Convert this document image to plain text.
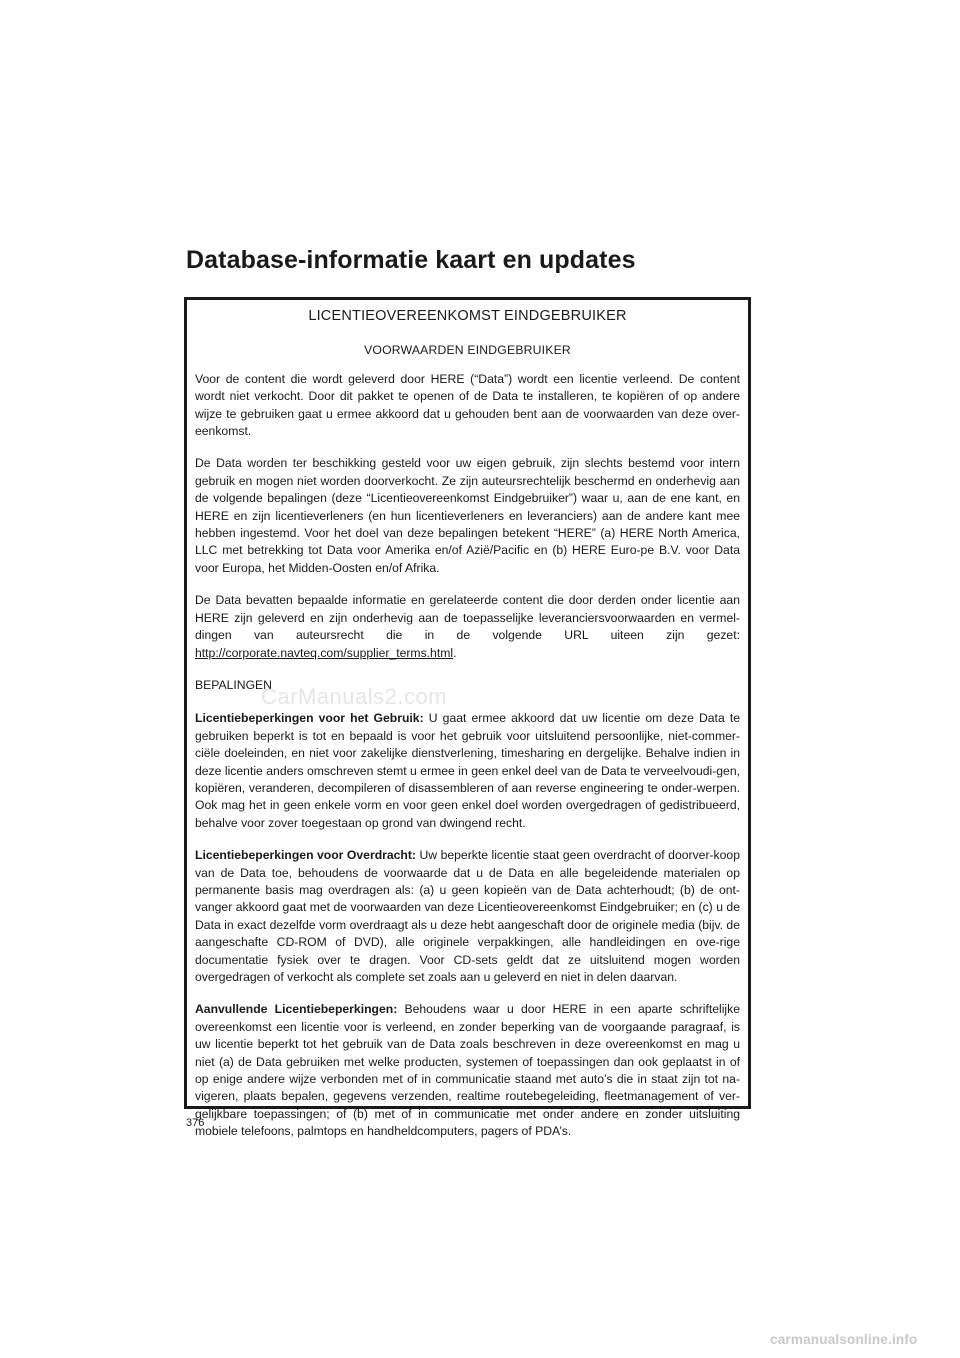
Database-informatie kaart en updates
LICENTIEOVEREENKOMST EINDGEBRUIKER
VOORWAARDEN EINDGEBRUIKER

Voor de content die wordt geleverd door HERE (“Data”) wordt een licentie verleend. De content wordt niet verkocht. Door dit pakket te openen of de Data te installeren, te kopiëren of op andere wijze te gebruiken gaat u ermee akkoord dat u gehouden bent aan de voorwaarden van deze over-eenkomst.

De Data worden ter beschikking gesteld voor uw eigen gebruik, zijn slechts bestemd voor intern gebruik en mogen niet worden doorverkocht. Ze zijn auteursrechtelijk beschermd en onderhevig aan de volgende bepalingen (deze “Licentieovereenkomst Eindgebruiker”) waar u, aan de ene kant, en HERE en zijn licentieverleners (en hun licentieverleners en leveranciers) aan de andere kant mee hebben ingestemd. Voor het doel van deze bepalingen betekent “HERE” (a) HERE North America, LLC met betrekking tot Data voor Amerika en/of Azië/Pacific en (b) HERE Euro-pe B.V. voor Data voor Europa, het Midden-Oosten en/of Afrika.

De Data bevatten bepaalde informatie en gerelateerde content die door derden onder licentie aan HERE zijn geleverd en zijn onderhevig aan de toepasselijke leveranciersvoorwaarden en vermel-dingen van auteursrecht die in de volgende URL uiteen zijn gezet: http://corporate.navteq.com/supplier_terms.html.

BEPALINGEN

Licentiebeperkingen voor het Gebruik: U gaat ermee akkoord dat uw licentie om deze Data te gebruiken beperkt is tot en bepaald is voor het gebruik voor uitsluitend persoonlijke, niet-commer-ciële doeleinden, en niet voor zakelijke dienstverlening, timesharing en dergelijke. Behalve indien in deze licentie anders omschreven stemt u ermee in geen enkel deel van de Data te verveelvoudi-gen, kopiëren, veranderen, decompileren of disassembleren of aan reverse engineering te onder-werpen. Ook mag het in geen enkele vorm en voor geen enkel doel worden overgedragen of gedistribueerd, behalve voor zover toegestaan op grond van dwingend recht.

Licentiebeperkingen voor Overdracht: Uw beperkte licentie staat geen overdracht of doorver-koop van de Data toe, behoudens de voorwaarde dat u de Data en alle begeleidende materialen op permanente basis mag overdragen als: (a) u geen kopieën van de Data achterhoudt; (b) de ont-vanger akkoord gaat met de voorwaarden van deze Licentieovereenkomst Eindgebruiker; en (c) u de Data in exact dezelfde vorm overdraagt als u deze hebt aangeschaft door de originele media (bijv. de aangeschafte CD-ROM of DVD), alle originele verpakkingen, alle handleidingen en ove-rige documentatie fysiek over te dragen. Voor CD-sets geldt dat ze uitsluitend mogen worden overgedragen of verkocht als complete set zoals aan u geleverd en niet in delen daarvan.

Aanvullende Licentiebeperkingen: Behoudens waar u door HERE in een aparte schriftelijke overeenkomst een licentie voor is verleend, en zonder beperking van de voorgaande paragraaf, is uw licentie beperkt tot het gebruik van de Data zoals beschreven in deze overeenkomst en mag u niet (a) de Data gebruiken met welke producten, systemen of toepassingen dan ook geplaatst in of op enige andere wijze verbonden met of in communicatie staand met auto’s die in staat zijn tot na-vigeren, plaats bepalen, gegevens verzenden, realtime routebegeleiding, fleetmanagement of ver-gelijkbare toepassingen; of (b) met of in communicatie met onder andere en zonder uitsluiting mobiele telefoons, palmtops en handheldcomputers, pagers of PDA’s.

CarManuals2.com
376
carmanualsonline.info
